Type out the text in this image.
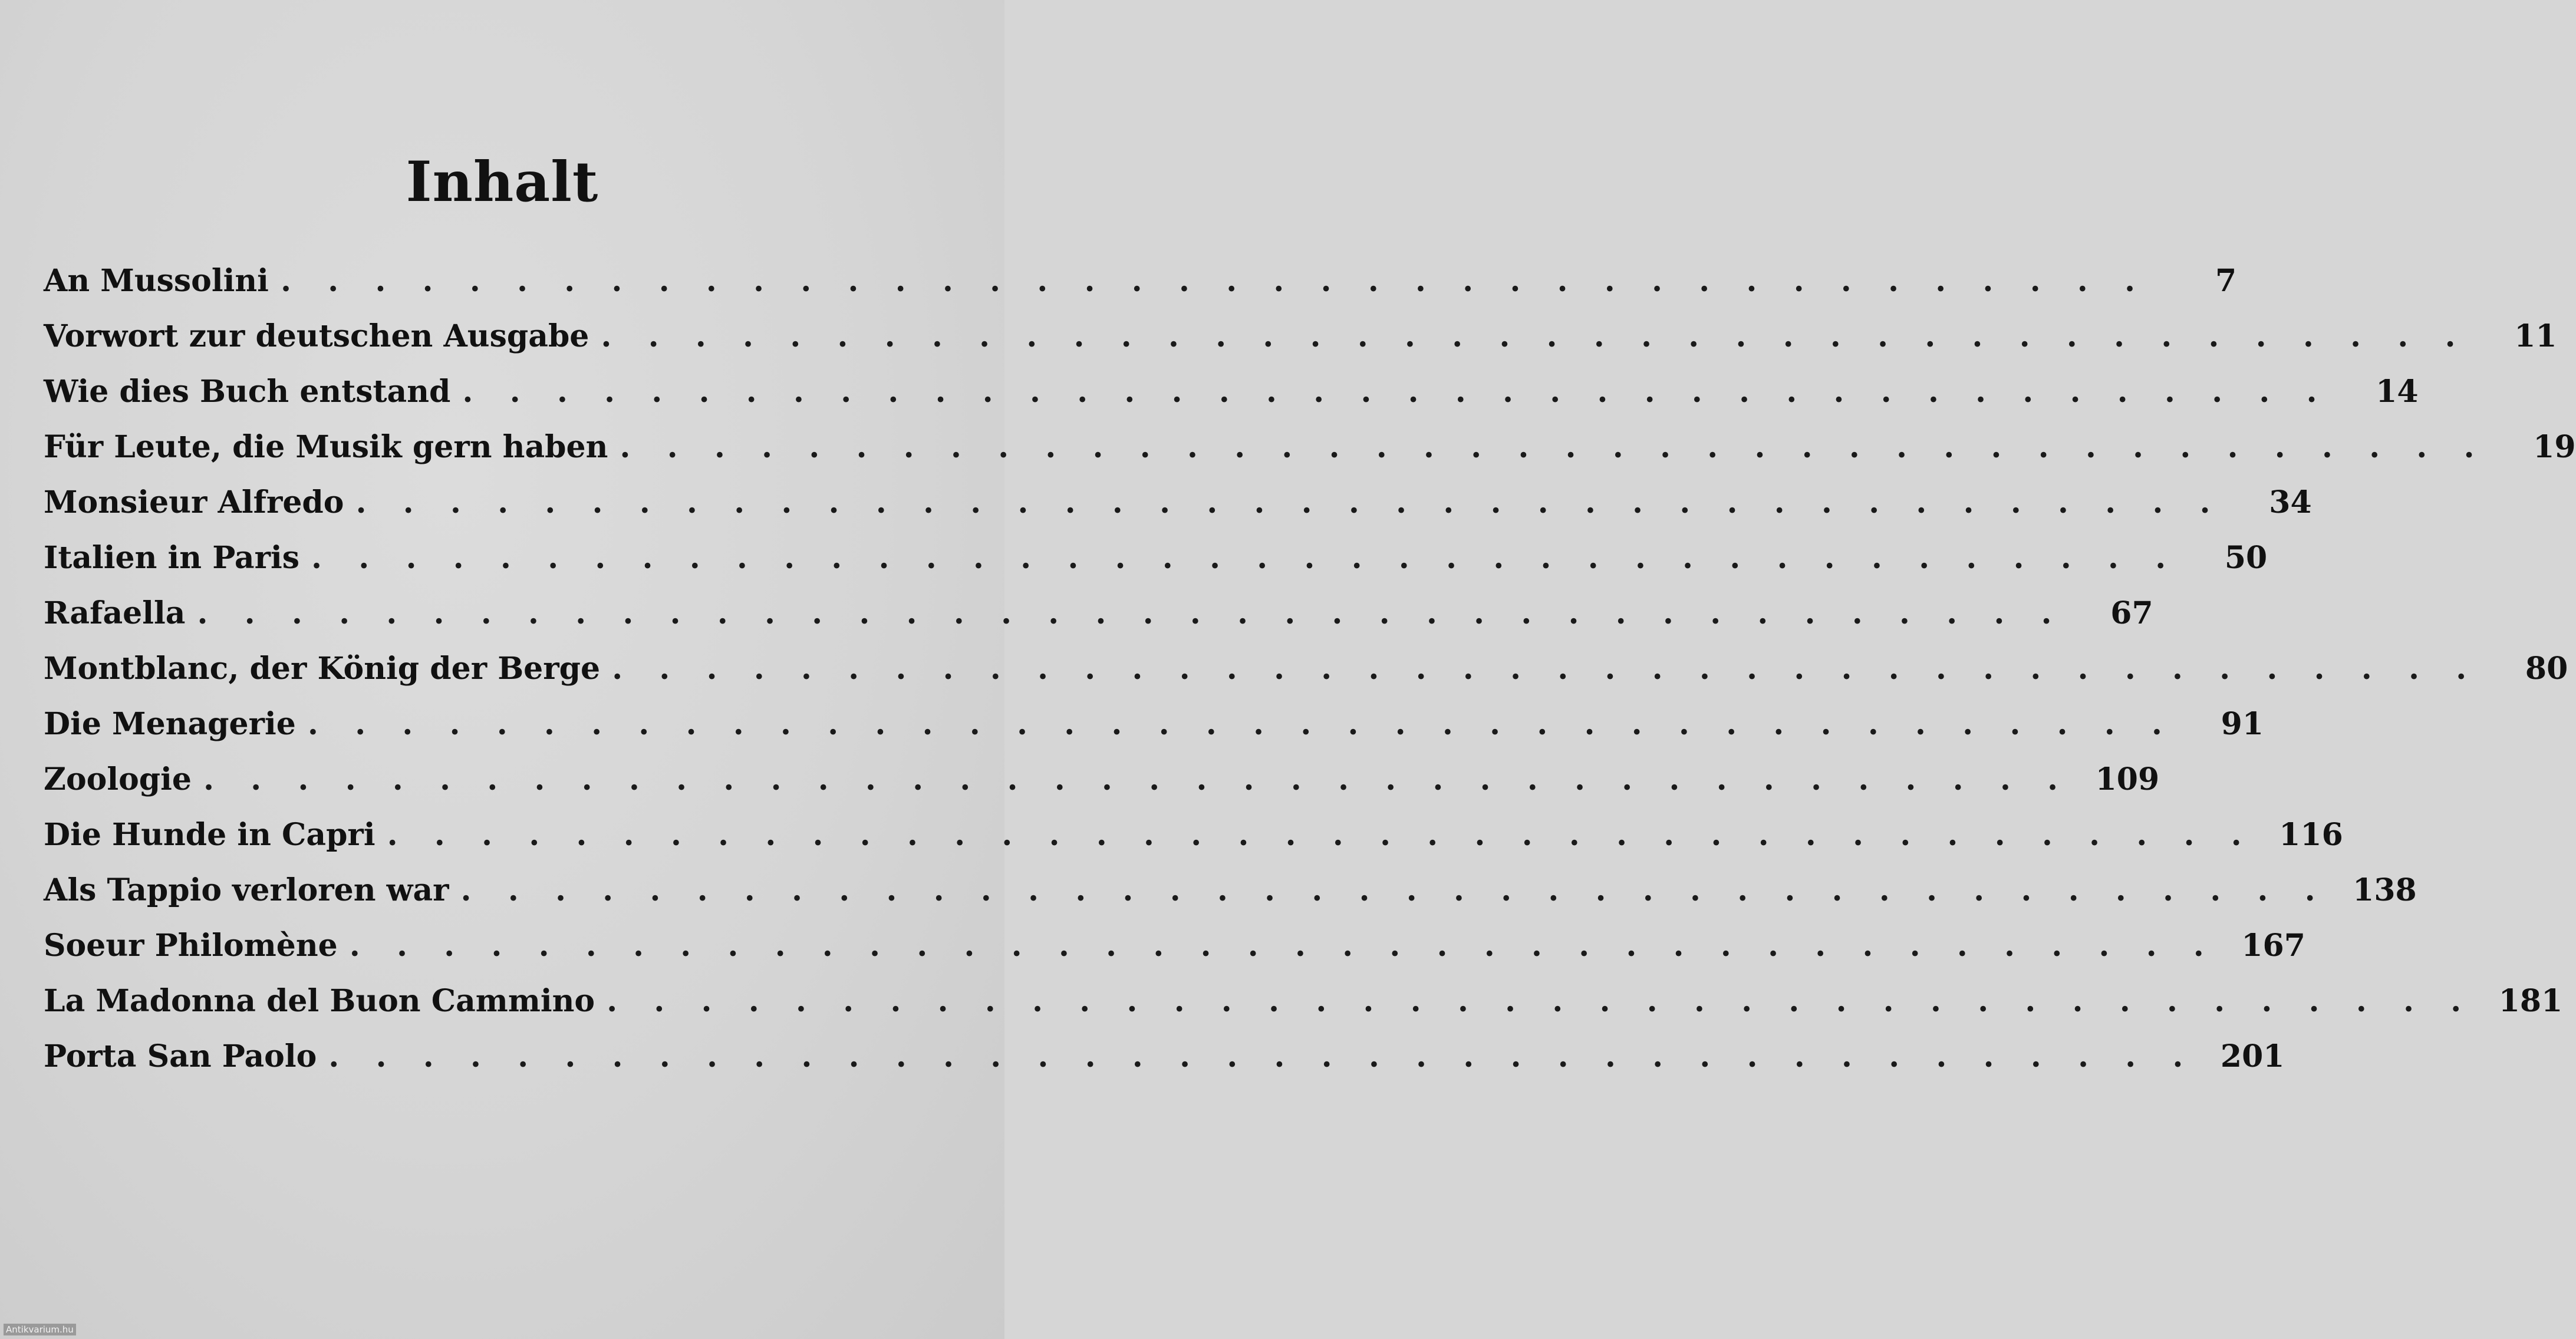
Inhalt
An Mussolini . . . . . . . . . . . . . . . . . . . . . . . . . . . . . . . . . . . . . . . .	7
Vorwort zur deutschen Ausgabe . . . . . . . . . . . . . . . . . . . . . . . . . . . . . . . . . . . . . . . .	11
Wie dies Buch entstand . . . . . . . . . . . . . . . . . . . . . . . . . . . . . . . . . . . . . . . .	14
Für Leute, die Musik gern haben . . . . . . . . . . . . . . . . . . . . . . . . . . . . . . . . . . . . . . . .	19
Monsieur Alfredo . . . . . . . . . . . . . . . . . . . . . . . . . . . . . . . . . . . . . . . .	34
Italien in Paris . . . . . . . . . . . . . . . . . . . . . . . . . . . . . . . . . . . . . . . .	50
Rafaella . . . . . . . . . . . . . . . . . . . . . . . . . . . . . . . . . . . . . . . .	67
Montblanc, der König der Berge . . . . . . . . . . . . . . . . . . . . . . . . . . . . . . . . . . . . . . . .	80
Die Menagerie . . . . . . . . . . . . . . . . . . . . . . . . . . . . . . . . . . . . . . . .	91
Zoologie . . . . . . . . . . . . . . . . . . . . . . . . . . . . . . . . . . . . . . . . 109
Die Hunde in Capri . . . . . . . . . . . . . . . . . . . . . . . . . . . . . . . . . . . . . . . . 116
Als Tappio verloren war . . . . . . . . . . . . . . . . . . . . . . . . . . . . . . . . . . . . . . . . 138
Soeur Philomène . . . . . . . . . . . . . . . . . . . . . . . . . . . . . . . . . . . . . . . . 167
La Madonna del Buon Cammino . . . . . . . . . . . . . . . . . . . . . . . . . . . . . . . . . . . . . . . . 181
Porta San Paolo . . . . . . . . . . . . . . . . . . . . . . . . . . . . . . . . . . . . . . . . 201
Antikvarium.hu
